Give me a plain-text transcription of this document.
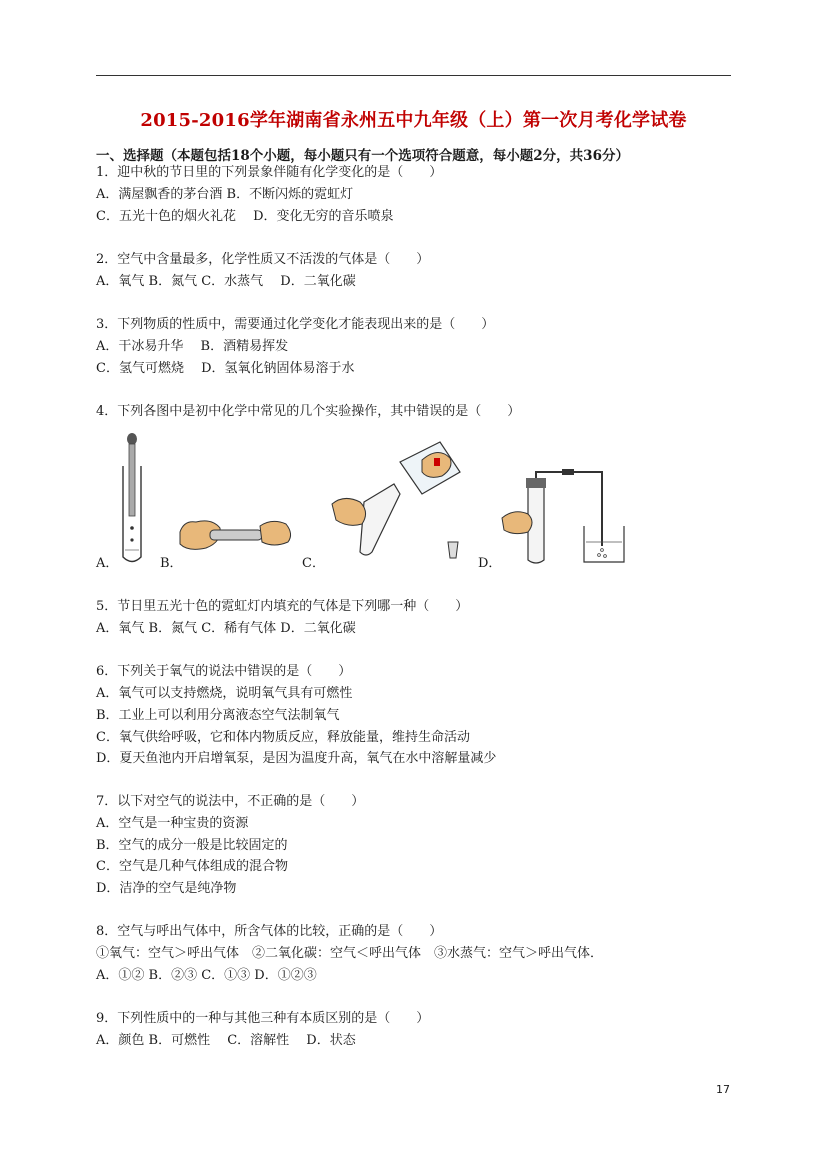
2015-2016学年湖南省永州五中九年级（上）第一次月考化学试卷
一、选择题（本题包括18个小题，每小题只有一个选项符合题意，每小题2分，共36分）
1．迎中秋的节日里的下列景象伴随有化学变化的是（　　）
A．满屋飘香的茅台酒 B．不断闪烁的霓虹灯
C．五光十色的烟火礼花　 D．变化无穷的音乐喷泉
2．空气中含量最多，化学性质又不活泼的气体是（　　）
A．氧气 B．氮气 C．水蒸气　 D．二氧化碳
3．下列物质的性质中，需要通过化学变化才能表现出来的是（　　）
A．干冰易升华　 B．酒精易挥发
C．氢气可燃烧　 D．氢氧化钠固体易溶于水
4．下列各图中是初中化学中常见的几个实验操作，其中错误的是（　　）
A．	B．	C．	D．
5．节日里五光十色的霓虹灯内填充的气体是下列哪一种（　　）
A．氧气 B．氮气 C．稀有气体 D．二氧化碳
6．下列关于氧气的说法中错误的是（　　）
A．氧气可以支持燃烧，说明氧气具有可燃性
B．工业上可以利用分离液态空气法制氧气
C．氧气供给呼吸，它和体内物质反应，释放能量，维持生命活动
D．夏天鱼池内开启增氧泵，是因为温度升高，氧气在水中溶解量减少
7．以下对空气的说法中，不正确的是（　　）
A．空气是一种宝贵的资源
B．空气的成分一般是比较固定的
C．空气是几种气体组成的混合物
D．洁净的空气是纯净物
8．空气与呼出气体中，所含气体的比较，正确的是（　　）
①氧气：空气＞呼出气体　②二氧化碳：空气＜呼出气体　③水蒸气：空气＞呼出气体．
A．①② B．②③ C．①③ D．①②③
9．下列性质中的一种与其他三种有本质区别的是（　　）
A．颜色 B．可燃性　 C．溶解性　 D．状态
17
